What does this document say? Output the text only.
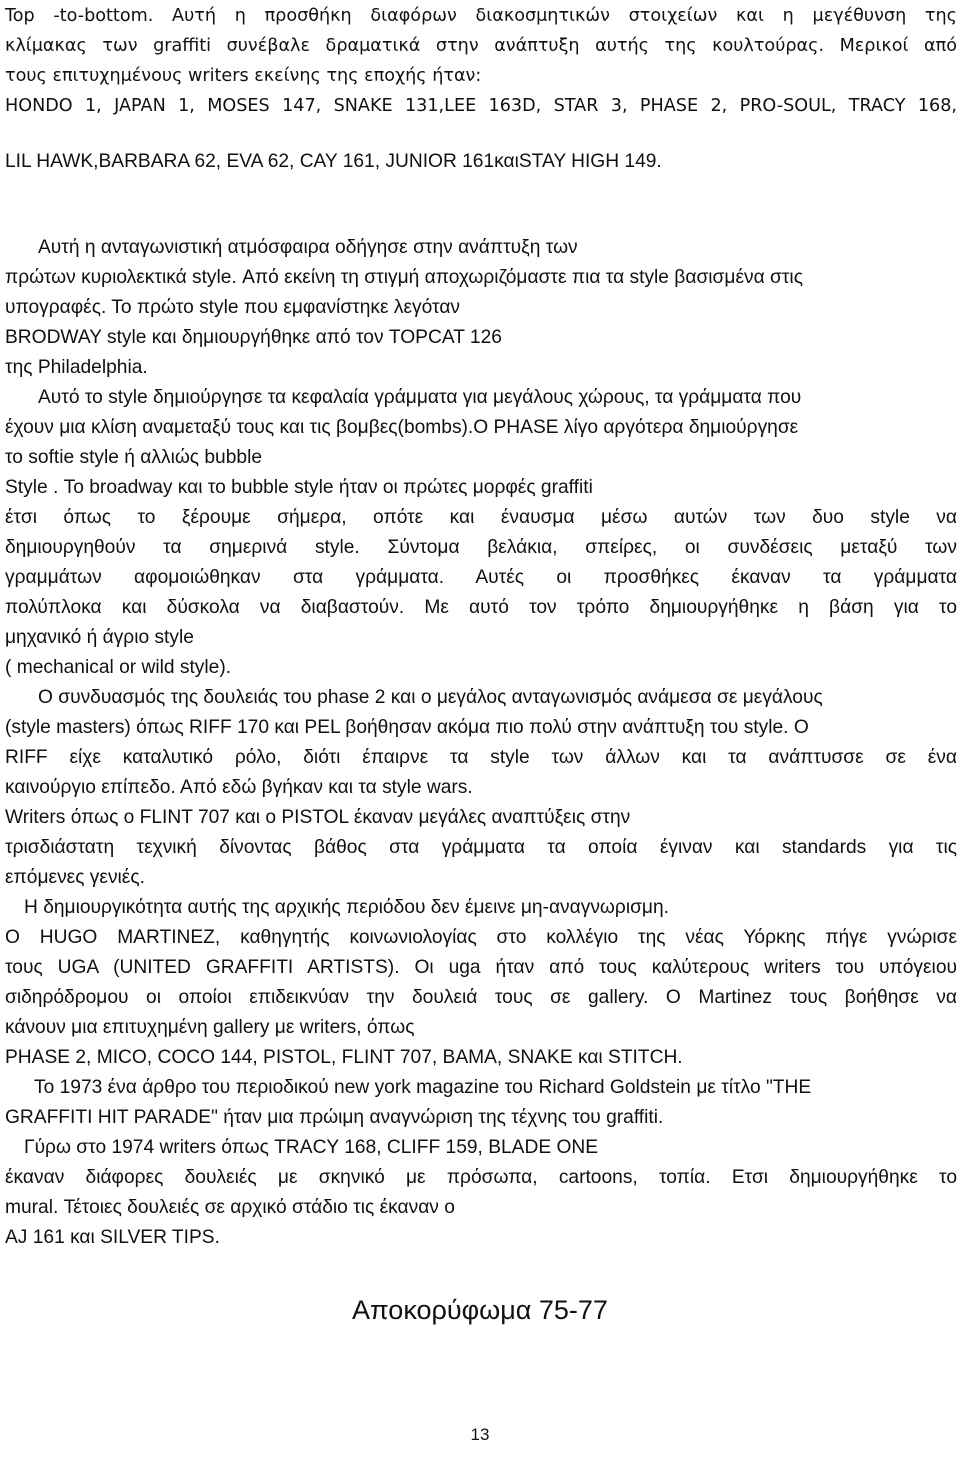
Top -to-bottom. Αυτή η προσθήκη διαφόρων διακοσμητικών στοιχείων και η μεγέθυνση της
κλίμακας των graffiti συνέβαλε δραματικά στην ανάπτυξη αυτής της κουλτούρας. Μερικοί από
τους επιτυχημένους writers εκείνης της εποχής ήταν:
HONDO 1, JAPAN 1, MOSES 147, SNAKE 131,LEE 163D, STAR 3, PHASE 2, PRO-SOUL, TRACY 168,
LIL HAWK,BARBARA 62, EVA 62, CAY 161, JUNIOR 161καιSTAY HIGH 149.
Αυτή η ανταγωνιστική ατμόσφαιρα οδήγησε στην ανάπτυξη των
πρώτων κυριολεκτικά style. Από εκείνη τη στιγμή αποχωριζόμαστε πια τα style βασισμένα στις
υπογραφές. Το πρώτο style που εμφανίστηκε λεγόταν
BRODWAY style και δημιουργήθηκε από τον TOPCAT 126
της Philadelphia.
Αυτό το style δημιούργησε τα κεφαλαία γράμματα για μεγάλους χώρους, τα γράμματα που
έχουν μια κλίση αναμεταξύ τους και τις βομβες(bombs).Ο PHASE λίγο αργότερα δημιούργησε
το softie style ή αλλιώς bubble
Style . Το broadway και το bubble style ήταν οι πρώτες μορφές graffiti
έτσι όπως το ξέρουμε σήμερα, οπότε και έναυσμα μέσω αυτών των δυο style να
δημιουργηθούν τα σημερινά style. Σύντομα βελάκια, σπείρες, οι συνδέσεις μεταξύ των
γραμμάτων αφομοιώθηκαν στα γράμματα. Αυτές οι προσθήκες έκαναν τα γράμματα
πολύπλοκα και δύσκολα να διαβαστούν. Με αυτό τον τρόπο δημιουργήθηκε η βάση για το
μηχανικό ή άγριο style
( mechanical or wild style).
Ο συνδυασμός της δουλειάς του phase 2 και ο μεγάλος ανταγωνισμός ανάμεσα σε μεγάλους
(style masters) όπως RIFF 170 και PEL βοήθησαν ακόμα πιο πολύ στην ανάπτυξη του style. Ο
RIFF είχε καταλυτικό ρόλο, διότι έπαιρνε τα style των άλλων και τα ανάπτυσσε σε ένα
καινούργιο επίπεδο. Από εδώ βγήκαν και τα style wars.
Writers όπως ο FLINT 707 και ο PISTOL έκαναν μεγάλες αναπτύξεις στην
τρισδιάστατη τεχνική δίνοντας βάθος στα γράμματα τα οποία έγιναν και standards για τις
επόμενες γενιές.
Η δημιουργικότητα αυτής της αρχικής περιόδου δεν έμεινε μη-αναγνωρισμη.
Ο HUGO MARTINEZ, καθηγητής κοινωνιολογίας στο κολλέγιο της νέας Υόρκης πήγε γνώρισε
τους UGA (UNITED GRAFFITI ARTISTS). Οι uga ήταν από τους καλύτερους writers του υπόγειου
σιδηρόδρομου οι οποίοι επιδεικνύαν την δουλειά τους σε gallery. Ο Martinez τους βοήθησε να
κάνουν μια επιτυχημένη gallery με writers, όπως
PHASE 2, MICO, COCO 144, PISTOL, FLINT 707, BAMA, SNAKE και STITCH.
Το 1973 ένα άρθρο του περιοδικού new york magazine του Richard Goldstein με τίτλο "THE
GRAFFITI HIT PARADE" ήταν μια πρώιμη αναγνώριση της τέχνης του graffiti.
Γύρω στο 1974 writers όπως TRACY 168, CLIFF 159, BLADE ONE
έκαναν διάφορες δουλειές με σκηνικό με πρόσωπα, cartoons, τοπία. Ετσι δημιουργήθηκε το
mural. Τέτοιες δουλειές σε αρχικό στάδιο τις έκαναν ο
AJ 161 και SILVER TIPS.
Αποκορύφωμα 75-77
13
